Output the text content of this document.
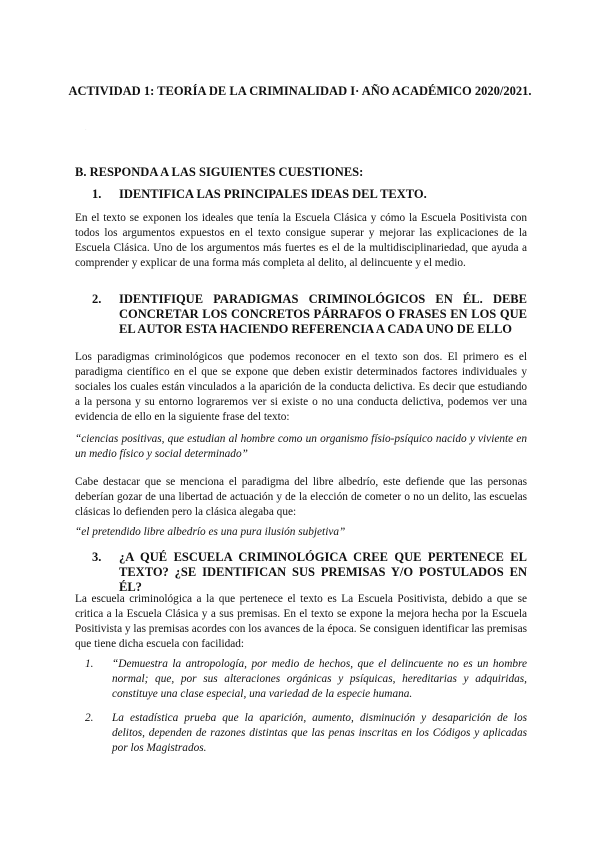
ACTIVIDAD 1: TEORÍA DE LA CRIMINALIDAD I· AÑO ACADÉMICO 2020/2021.
·
B. RESPONDA A LAS SIGUIENTES CUESTIONES:
1. IDENTIFICA LAS PRINCIPALES IDEAS DEL TEXTO.

En el texto se exponen los ideales que tenía la Escuela Clásica y cómo la Escuela Positivista con todos los argumentos expuestos en el texto consigue superar y mejorar las explicaciones de la Escuela Clásica. Uno de los argumentos más fuertes es el de la multidisciplinariedad, que ayuda a comprender y explicar de una forma más completa al delito, al delincuente y el medio.

2. IDENTIFIQUE PARADIGMAS CRIMINOLÓGICOS EN ÉL. DEBE CONCRETAR LOS CONCRETOS PÁRRAFOS O FRASES EN LOS QUE EL AUTOR ESTA HACIENDO REFERENCIA A CADA UNO DE ELLO

Los paradigmas criminológicos que podemos reconocer en el texto son dos. El primero es el paradigma científico en el que se expone que deben existir determinados factores individuales y sociales los cuales están vinculados a la aparición de la conducta delictiva. Es decir que estudiando a la persona y su entorno lograremos ver si existe o no una conducta delictiva, podemos ver una evidencia de ello en la siguiente frase del texto:

“ciencias positivas, que estudian al hombre como un organismo físio-psíquico nacido y viviente en un medio físico y social determinado”

Cabe destacar que se menciona el paradigma del libre albedrío, este defiende que las personas deberían gozar de una libertad de actuación y de la elección de cometer o no un delito, las escuelas clásicas lo defienden pero la clásica alegaba que:

“el pretendido libre albedrío es una pura ilusión subjetiva”
3. ¿A QUÉ ESCUELA CRIMINOLÓGICA CREE QUE PERTENECE EL TEXTO? ¿SE IDENTIFICAN SUS PREMISAS Y/O POSTULADOS EN ÉL?

La escuela criminológica a la que pertenece el texto es La Escuela Positivista, debido a que se critica a la Escuela Clásica y a sus premisas. En el texto se expone la mejora hecha por la Escuela Positivista y las premisas acordes con los avances de la época. Se consiguen identificar las premisas que tiene dicha escuela con facilidad:

1. “Demuestra la antropología, por medio de hechos, que el delincuente no es un hombre normal; que, por sus alteraciones orgánicas y psíquicas, hereditarias y adquiridas, constituye una clase especial, una variedad de la especie humana.
2. La estadística prueba que la aparición, aumento, disminución y desaparición de los delitos, dependen de razones distintas que las penas inscritas en los Códigos y aplicadas por los Magistrados.
